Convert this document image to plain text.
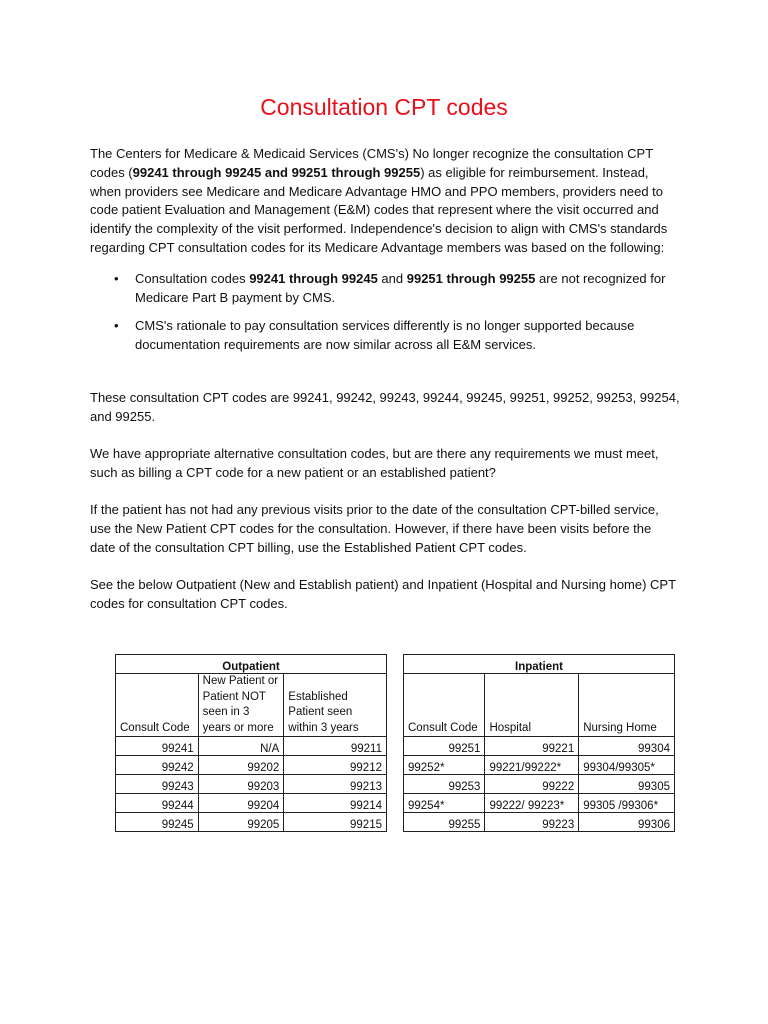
Consultation CPT codes

The Centers for Medicare & Medicaid Services (CMS's) No longer recognize the consultation CPT codes (99241 through 99245 and 99251 through 99255) as eligible for reimbursement. Instead, when providers see Medicare and Medicare Advantage HMO and PPO members, providers need to code patient Evaluation and Management (E&M) codes that represent where the visit occurred and identify the complexity of the visit performed. Independence's decision to align with CMS's standards regarding CPT consultation codes for its Medicare Advantage members was based on the following:

• Consultation codes 99241 through 99245 and 99251 through 99255 are not recognized for Medicare Part B payment by CMS.
• CMS's rationale to pay consultation services differently is no longer supported because documentation requirements are now similar across all E&M services.

These consultation CPT codes are 99241, 99242, 99243, 99244, 99245, 99251, 99252, 99253, 99254, and 99255.

We have appropriate alternative consultation codes, but are there any requirements we must meet, such as billing a CPT code for a new patient or an established patient?

If the patient has not had any previous visits prior to the date of the consultation CPT-billed service, use the New Patient CPT codes for the consultation. However, if there have been visits before the date of the consultation CPT billing, use the Established Patient CPT codes.

See the below Outpatient (New and Establish patient) and Inpatient (Hospital and Nursing home) CPT codes for consultation CPT codes.

Outpatient		
Consult Code	New Patient or Patient NOT seen in 3 years or more	Established Patient seen within 3 years
99241	N/A	99211
99242	99202	99212
99243	99203	99213
99244	99204	99214
99245	99205	99215
Inpatient		
Consult Code	Hospital	Nursing Home
99251	99221	99304
99252*	99221/99222*	99304/99305*
99253	99222	99305
99254*	99222/ 99223*	99305 /99306*
99255	99223	99306
